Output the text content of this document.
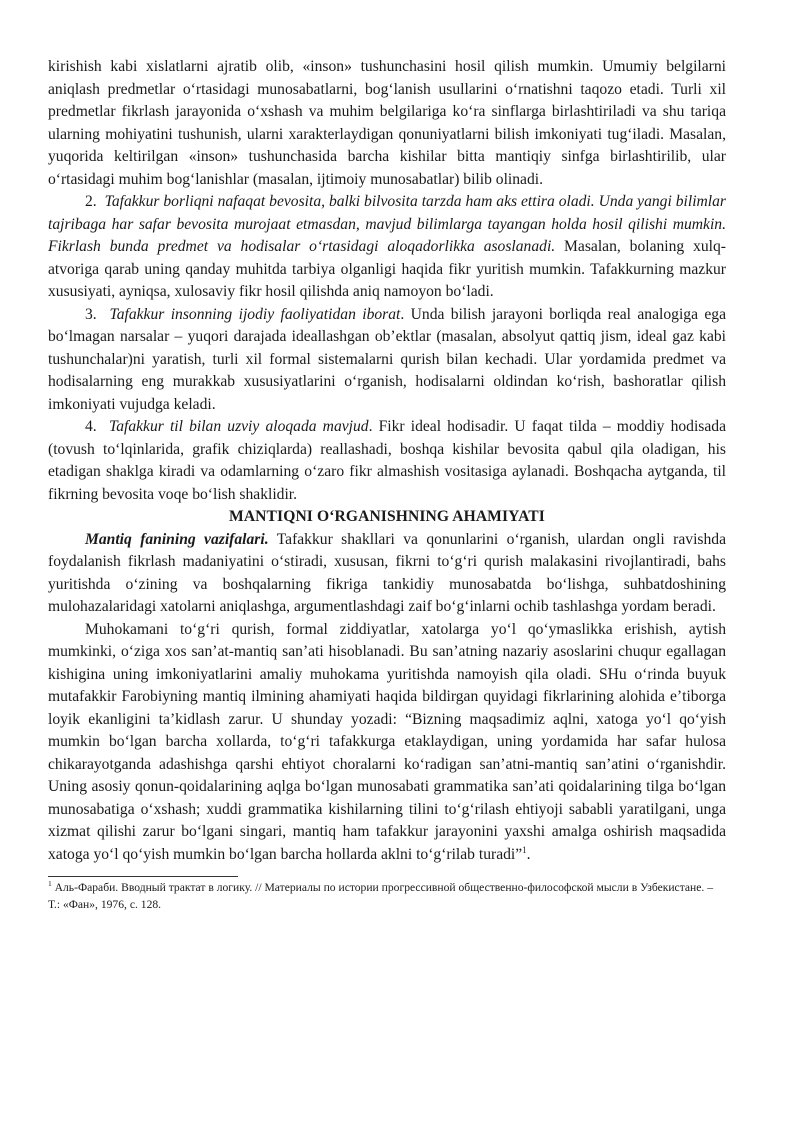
kirishish kabi xislatlarni ajratib olib, «inson» tushunchasini hosil qilish mumkin. Umumiy belgilarni aniqlash predmetlar oʻrtasidagi munosabatlarni, bogʻlanish usullarini oʻrnatishni taqozo etadi. Turli xil predmetlar fikrlash jarayonida oʻxshash va muhim belgilariga koʻra sinflarga birlashtiriladi va shu tariqa ularning mohiyatini tushunish, ularni xarakterlaydigan qonuniyatlarni bilish imkoniyati tugʻiladi. Masalan, yuqorida keltirilgan «inson» tushunchasida barcha kishilar bitta mantiqiy sinfga birlashtirilib, ular oʻrtasidagi muhim bogʻlanishlar (masalan, ijtimoiy munosabatlar) bilib olinadi.

2. Tafakkur borliqni nafaqat bevosita, balki bilvosita tarzda ham aks ettira oladi. Unda yangi bilimlar tajribaga har safar bevosita murojaat etmasdan, mavjud bilimlarga tayangan holda hosil qilishi mumkin. Fikrlash bunda predmet va hodisalar oʻrtasidagi aloqadorlikka asoslanadi. Masalan, bolaning xulq-atvoriga qarab uning qanday muhitda tarbiya olganligi haqida fikr yuritish mumkin. Tafakkurning mazkur xususiyati, ayniqsa, xulosaviy fikr hosil qilishda aniq namoyon boʻladi.

3. Tafakkur insonning ijodiy faoliyatidan iborat. Unda bilish jarayoni borliqda real analogiga ega boʻlmagan narsalar – yuqori darajada ideallashgan obʼektlar (masalan, absolyut qattiq jism, ideal gaz kabi tushunchalar)ni yaratish, turli xil formal sistemalarni qurish bilan kechadi. Ular yordamida predmet va hodisalarning eng murakkab xususiyatlarini oʻrganish, hodisalarni oldindan koʻrish, bashoratlar qilish imkoniyati vujudga keladi.

4. Tafakkur til bilan uzviy aloqada mavjud. Fikr ideal hodisadir. U faqat tilda – moddiy hodisada (tovush toʻlqinlarida, grafik chiziqlarda) reallashadi, boshqa kishilar bevosita qabul qila oladigan, his etadigan shaklga kiradi va odamlarning oʻzaro fikr almashish vositasiga aylanadi. Boshqacha aytganda, til fikrning bevosita voqe boʻlish shaklidir.

MANTIQNI OʻRGANISHNING AHAMIYATI

Mantiq fanining vazifalari. Tafakkur shakllari va qonunlarini oʻrganish, ulardan ongli ravishda foydalanish fikrlash madaniyatini oʻstiradi, xususan, fikrni toʻgʻri qurish malakasini rivojlantiradi, bahs yuritishda oʻzining va boshqalarning fikriga tankidiy munosabatda boʻlishga, suhbatdoshining mulohazalaridagi xatolarni aniqlashga, argumentlashdagi zaif boʻgʻinlarni ochib tashlashga yordam beradi.

Muhokamani toʻgʻri qurish, formal ziddiyatlar, xatolarga yoʻl qoʻymaslikka erishish, aytish mumkinki, oʻziga xos sanʼat-mantiq sanʼati hisoblanadi. Bu sanʼatning nazariy asoslarini chuqur egallagan kishigina uning imkoniyatlarini amaliy muhokama yuritishda namoyish qila oladi. SHu oʻrinda buyuk mutafakkir Farobiyning mantiq ilmining ahamiyati haqida bildirgan quyidagi fikrlarining alohida eʼtiborga loyik ekanligini taʼkidlash zarur. U shunday yozadi: “Bizning maqsadimiz aqlni, xatoga yoʻl qoʻyish mumkin boʻlgan barcha xollarda, toʻgʻri tafakkurga etaklaydigan, uning yordamida har safar hulosa chikarayotganda adashishga qarshi ehtiyot choralarni koʻradigan sanʼatni-mantiq sanʼatini oʻrganishdir. Uning asosiy qonun-qoidalarining aqlga boʻlgan munosabati grammatika sanʼati qoidalarining tilga boʻlgan munosabatiga oʻxshash; xuddi grammatika kishilarning tilini toʻgʻrilash ehtiyoji sababli yaratilgani, unga xizmat qilishi zarur boʻlgani singari, mantiq ham tafakkur jarayonini yaxshi amalga oshirish maqsadida xatoga yoʻl qoʻyish mumkin boʻlgan barcha hollarda aklni toʻgʻrilab turadi”$^1$.

$^1$ Аль-Фараби. Вводный трактат в логику. // Материалы по истории прогрессивной общественно-философской мысли в Узбекистане. – Т.: «Фан», 1976, с. 128.
